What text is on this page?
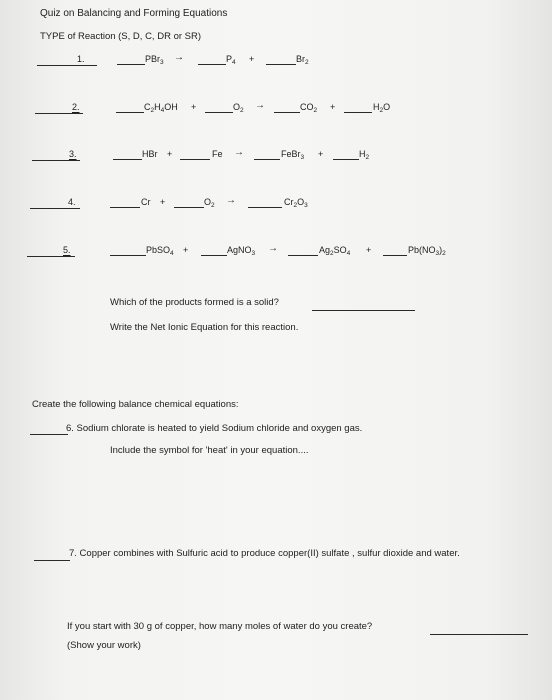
Quiz on Balancing and Forming Equations
TYPE of Reaction (S, D, C, DR or SR)
1.	PBr$_3$ →	$P_4$ +	$Br_2$
2.	$C_2H_4OH$ +	$O_2$ →	$CO_2$ +	$H_2O$
3.	HBr +	Fe →	FeBr$_3$ +	$H_2$
4.	Cr +	$O_2$ →	$Cr_2O_3$
5.	PbSO$_4$ +	AgNO$_3$ →	$Ag_2SO_4$ +	$Pb(NO_3)_2$
Which of the products formed is a solid?
Write the Net Ionic Equation for this reaction.
Create the following balance chemical equations:
6. Sodium chlorate is heated to yield Sodium chloride and oxygen gas.
Include the symbol for 'heat' in your equation....
7. Copper combines with Sulfuric acid to produce copper(II) sulfate , sulfur dioxide and water.
If you start with 30 g of copper, how many moles of water do you create?
(Show your work)
